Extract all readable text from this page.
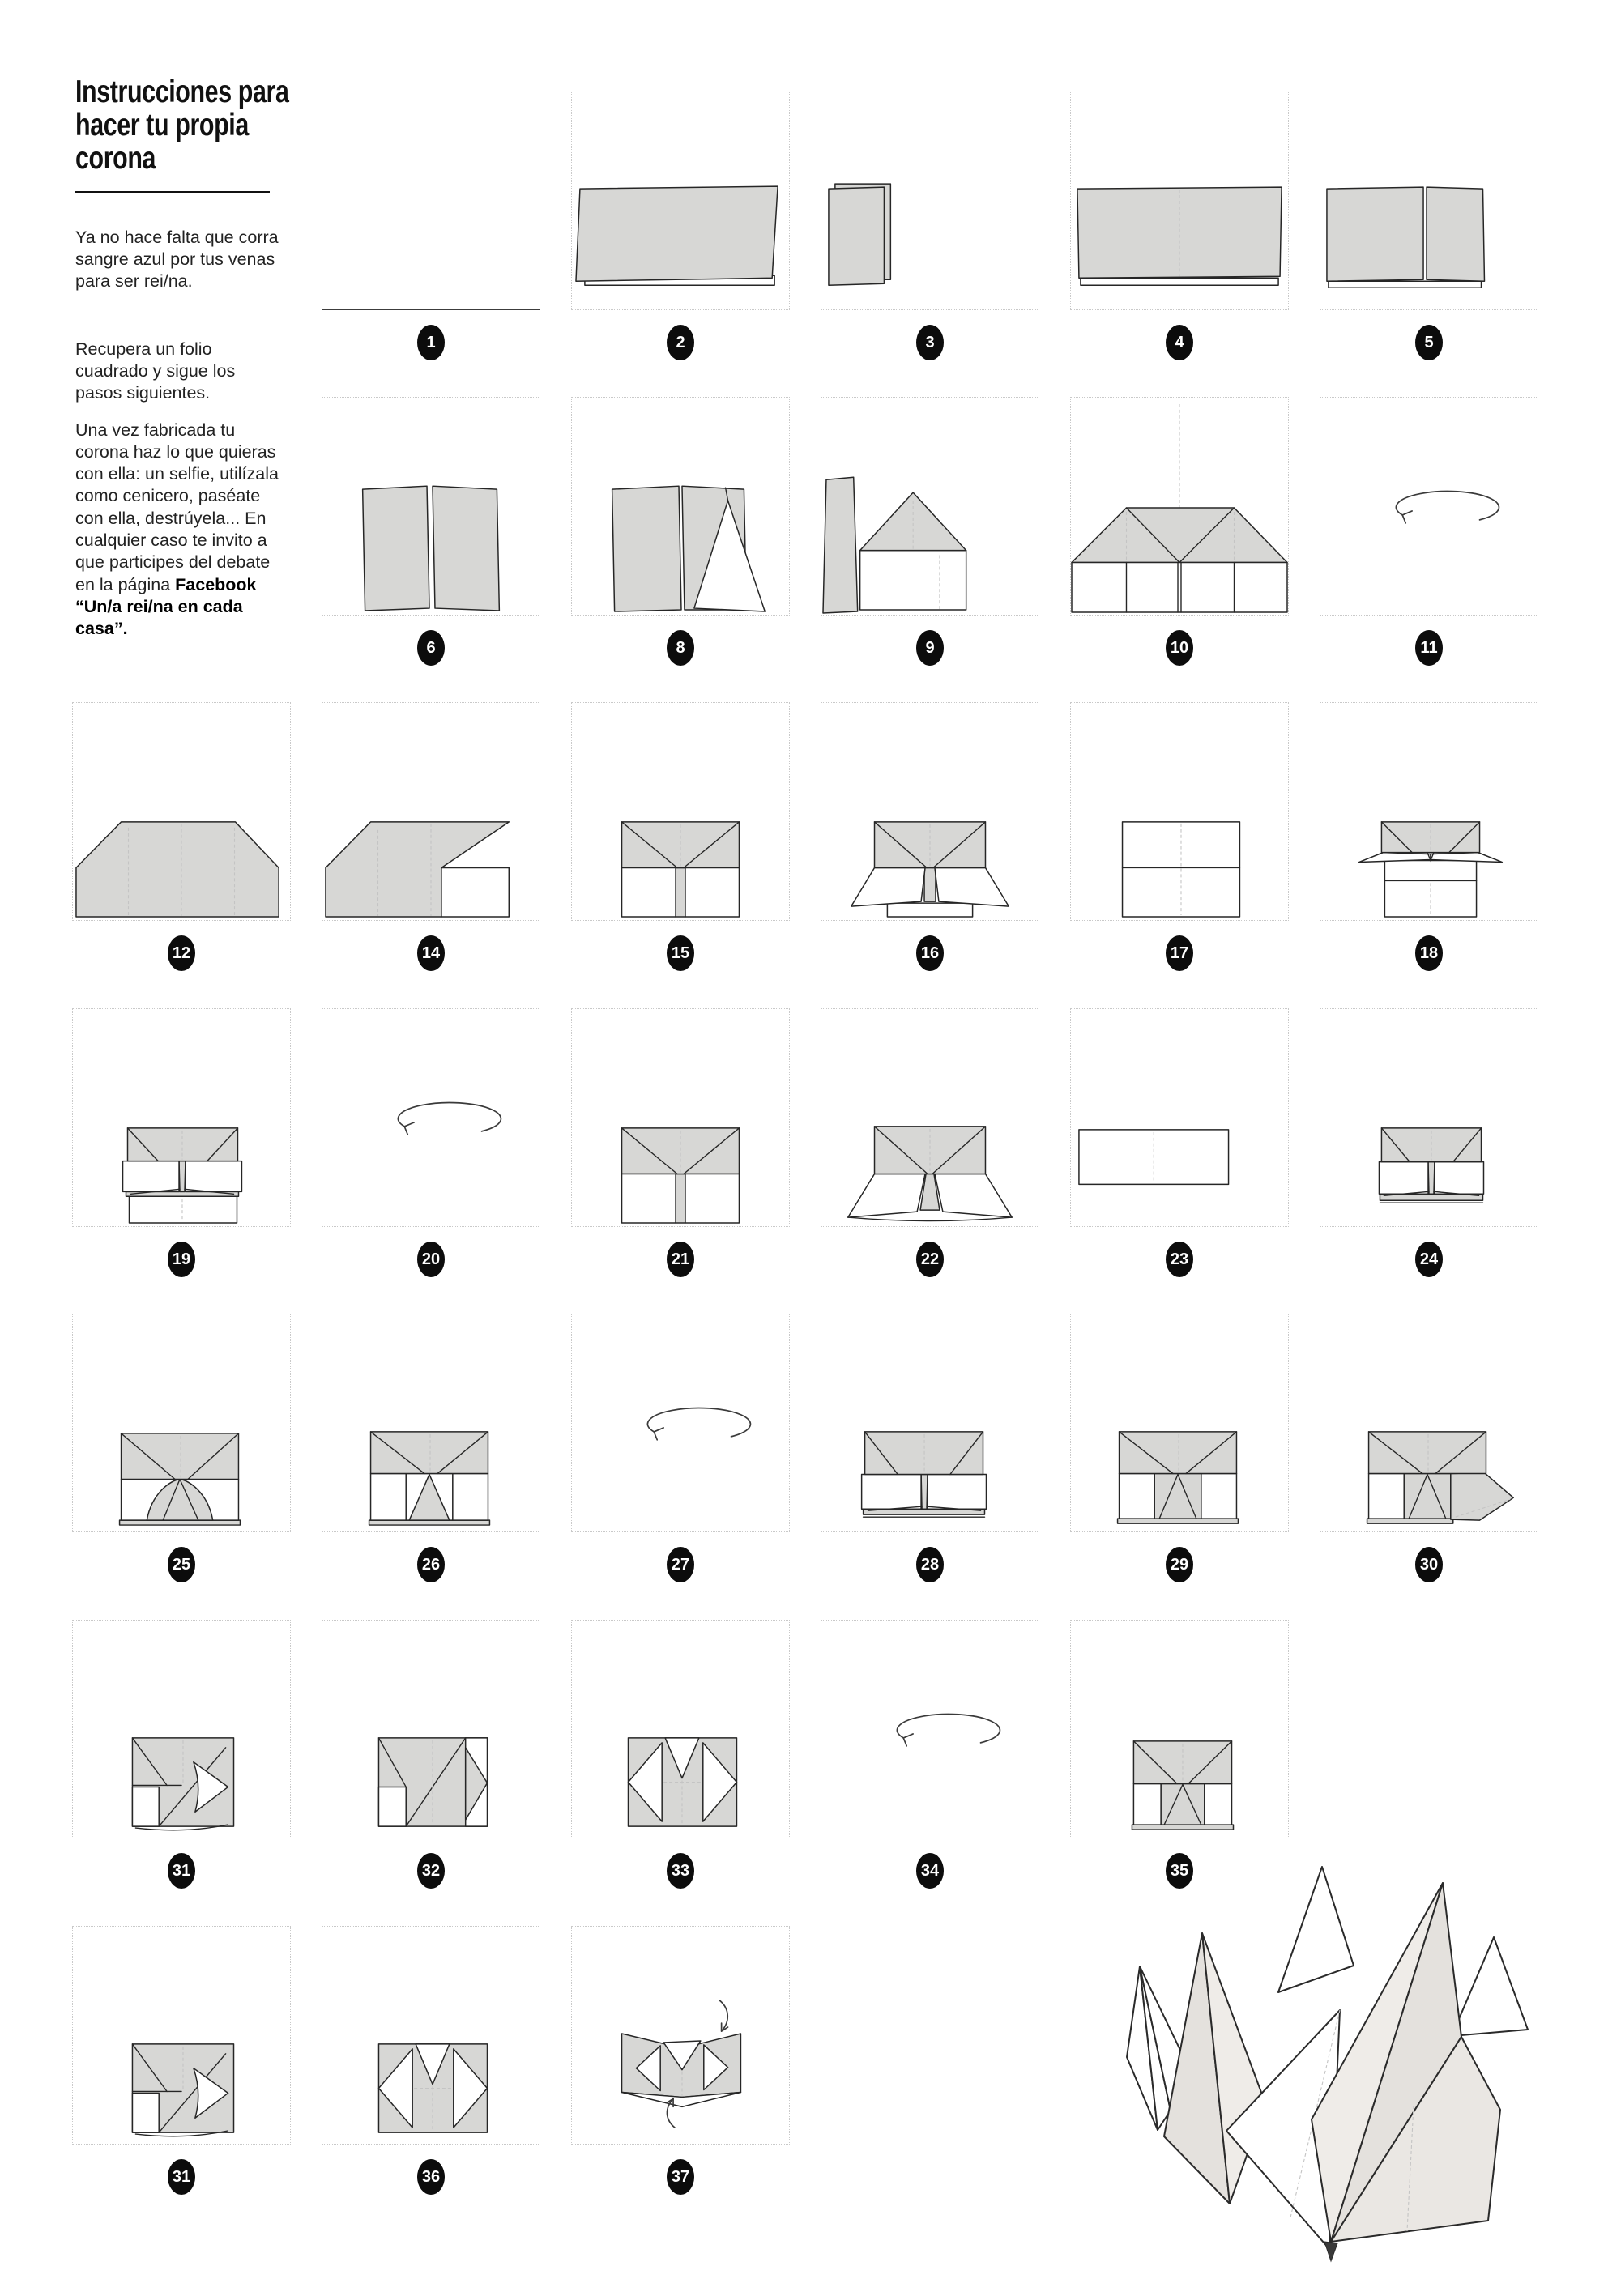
Instrucciones para
hacer tu propia
corona

Ya no hace falta que corra sangre azul por tus venas para ser rei/na.

Recupera un folio cuadrado y sigue los pasos siguientes.

Una vez fabricada tu corona haz lo que quieras con ella: un selfie, utilízala como cenicero, paséate con ella, destrúyela... En cualquier caso te invito a que participes del debate en la página Facebook “Un/a rei/na en cada casa”.

1	2	3	4	5
6	8	9	10	11
12	14	15	16	17	18
19	20	21	22	23	24
25	26	27	28	29	30
31	32	33	34	35
31	36	37
